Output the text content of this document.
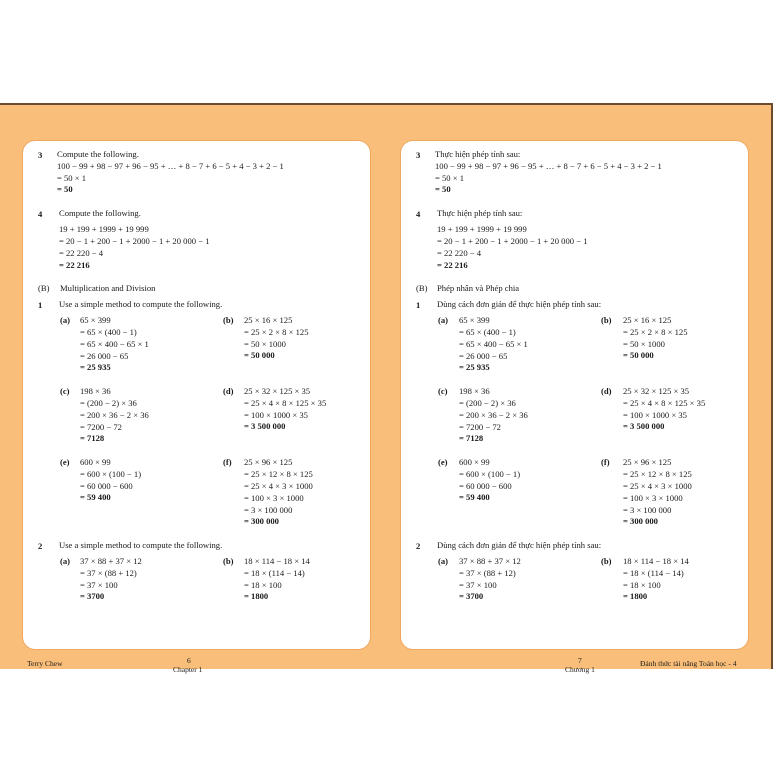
3 Compute the following.
100 − 99 + 98 − 97 + 96 − 95 + … + 8 − 7 + 6 − 5 + 4 − 3 + 2 − 1
= 50 × 1
= 50
4 Compute the following.
19 + 199 + 1999 + 19 999
= 20 − 1 + 200 − 1 + 2000 − 1 + 20 000 − 1
= 22 220 − 4
= 22 216
(B) Multiplication and Division
1 Use a simple method to compute the following.
(a) 65 × 399
= 65 × (400 − 1)
= 65 × 400 − 65 × 1
= 26 000 − 65
= 25 935
(b) 25 × 16 × 125
= 25 × 2 × 8 × 125
= 50 × 1000
= 50 000
(c) 198 × 36
= (200 − 2) × 36
= 200 × 36 − 2 × 36
= 7200 − 72
= 7128
(d) 25 × 32 × 125 × 35
= 25 × 4 × 8 × 125 × 35
= 100 × 1000 × 35
= 3 500 000
(e) 600 × 99
= 600 × (100 − 1)
= 60 000 − 600
= 59 400
(f) 25 × 96 × 125
= 25 × 12 × 8 × 125
= 25 × 4 × 3 × 1000
= 100 × 3 × 1000
= 3 × 100 000
= 300 000
2 Use a simple method to compute the following.
(a) 37 × 88 + 37 × 12
= 37 × (88 + 12)
= 37 × 100
= 3700
(b) 18 × 114 − 18 × 14
= 18 × (114 − 14)
= 18 × 100
= 1800
3 Thực hiện phép tính sau:
100 − 99 + 98 − 97 + 96 − 95 + … + 8 − 7 + 6 − 5 + 4 − 3 + 2 − 1
= 50 × 1
= 50
4 Thực hiện phép tính sau:
19 + 199 + 1999 + 19 999
= 20 − 1 + 200 − 1 + 2000 − 1 + 20 000 − 1
= 22 220 − 4
= 22 216
(B) Phép nhân và Phép chia
1 Dùng cách đơn giản để thực hiện phép tính sau:
(a) 65 × 399
= 65 × (400 − 1)
= 65 × 400 − 65 × 1
= 26 000 − 65
= 25 935
(b) 25 × 16 × 125
= 25 × 2 × 8 × 125
= 50 × 1000
= 50 000
(c) 198 × 36
= (200 − 2) × 36
= 200 × 36 − 2 × 36
= 7200 − 72
= 7128
(d) 25 × 32 × 125 × 35
= 25 × 4 × 8 × 125 × 35
= 100 × 1000 × 35
= 3 500 000
(e) 600 × 99
= 600 × (100 − 1)
= 60 000 − 600
= 59 400
(f) 25 × 96 × 125
= 25 × 12 × 8 × 125
= 25 × 4 × 3 × 1000
= 100 × 3 × 1000
= 3 × 100 000
= 300 000
2 Dùng cách đơn giản để thực hiện phép tính sau:
(a) 37 × 88 + 37 × 12
= 37 × (88 + 12)
= 37 × 100
= 3700
(b) 18 × 114 − 18 × 14
= 18 × (114 − 14)
= 18 × 100
= 1800
Terry Chew	6
Chapter 1
7
Chương 1
Đánh thức tài năng Toán học - 4
